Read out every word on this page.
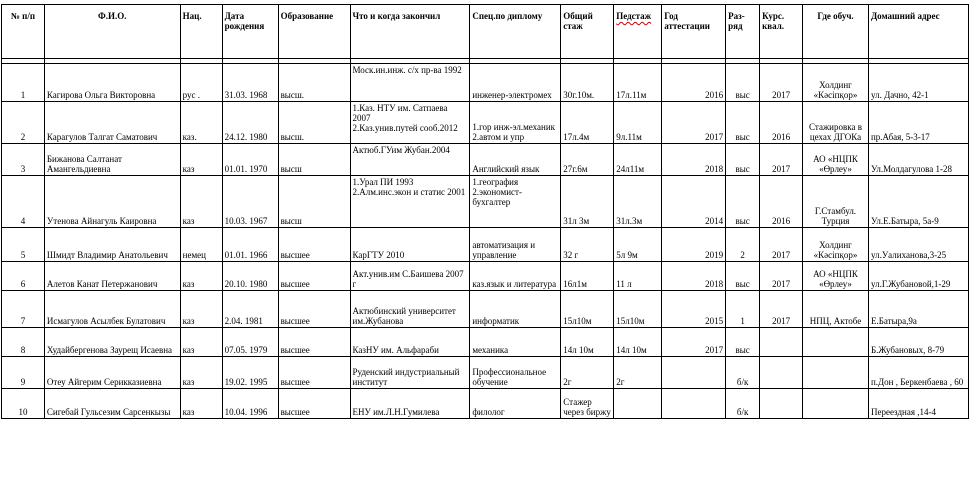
№ п/п	Ф.И.О.	Нац.	Дата рождения	Образование	Что и когда закончил	Спец.по диплому	Общий стаж	Педстаж	Год аттестации	Раз-ряд	Курс. квал.	Где обуч.	Домашний адрес

1	Кагирова Ольга Викторовна	рус .	31.03. 1968	высш.	Моск.ин.инж. с/х пр-ва 1992	инженер-электромех	30г.10м.	17л.11м	2016	выс	2017	Холдинг «Кәсіпқор»	ул. Дачно, 42-1
2	Карагулов Талгат Саматович	каз.	24.12. 1980	высш.	1.Каз. НТУ им. Сатпаева 2007
2.Каз.унив.путей сооб.2012	1.гор инж-эл.механик
2.автом и упр	17л.4м	9л.11м	2017	выс	2016	Стажировка в цехах ДГОКа	пр.Абая, 5-3-17
3	Бижанова Салтанат Амангельдиевна	каз	01.01. 1970	высш	Актюб.ГУим Жубан.2004	Английский язык	27г.6м	24л11м	2018	выс	2017	АО «НЦПК «Өрлеу»	Ул.Молдагулова 1-28
4	Утенова Айнагуль Каировна	каз	10.03. 1967	высш	1.Урал ПИ 1993
2.Алм.инс.экон и статис 2001	1.география
2.экономист-бухгалтер	31л 3м	31л.3м	2014	выс	2016	Г.Стамбул. Турция	Ул.Е.Батыра, 5а-9
5	Шмидт Владимир Анатольевич	немец	01.01. 1966	высшее	КарГТУ 2010	автоматизация и управление	32 г	5л 9м	2019	2	2017	Холдинг «Кәсіпқор»	ул.Уалиханова,3-25
6	Алетов Канат Петержанович	каз	20.10. 1980	высшее	Акт.унив.им С.Баишева 2007 г	каз.язык и литература	16л1м	11 л	2018	выс	2017	АО «НЦПК «Өрлеу»	ул.Г.Жубановой,1-29
7	Исмагулов Асылбек Булатович	каз	2.04. 1981	высшее	Актюбинский университет им.Жубанова	информатик	15л10м	15л10м	2015	1	2017	НПЦ, Актобе	Е.Батыра,9а
8	Худайбергенова Заурещ Исаевна	каз	07.05. 1979	высшее	КазНУ им. Альфараби	механика	14л 10м	14л 10м	2017	выс			Б.Жубановых, 8-79
9	Отеу Айгерим Серикказиевна	каз	19.02. 1995	высшее	Руденский индустриальный институт	Профессиональное обучение	2г	2г		б/к			п.Дон , Беркенбаева , 60
10	Сигебай Гульсезим Сарсенкызы	каз	10.04. 1996	высшее	ЕНУ им.Л.Н.Гумилева	филолог	Стажер через биржу			б/к			Переездная ,14-4
